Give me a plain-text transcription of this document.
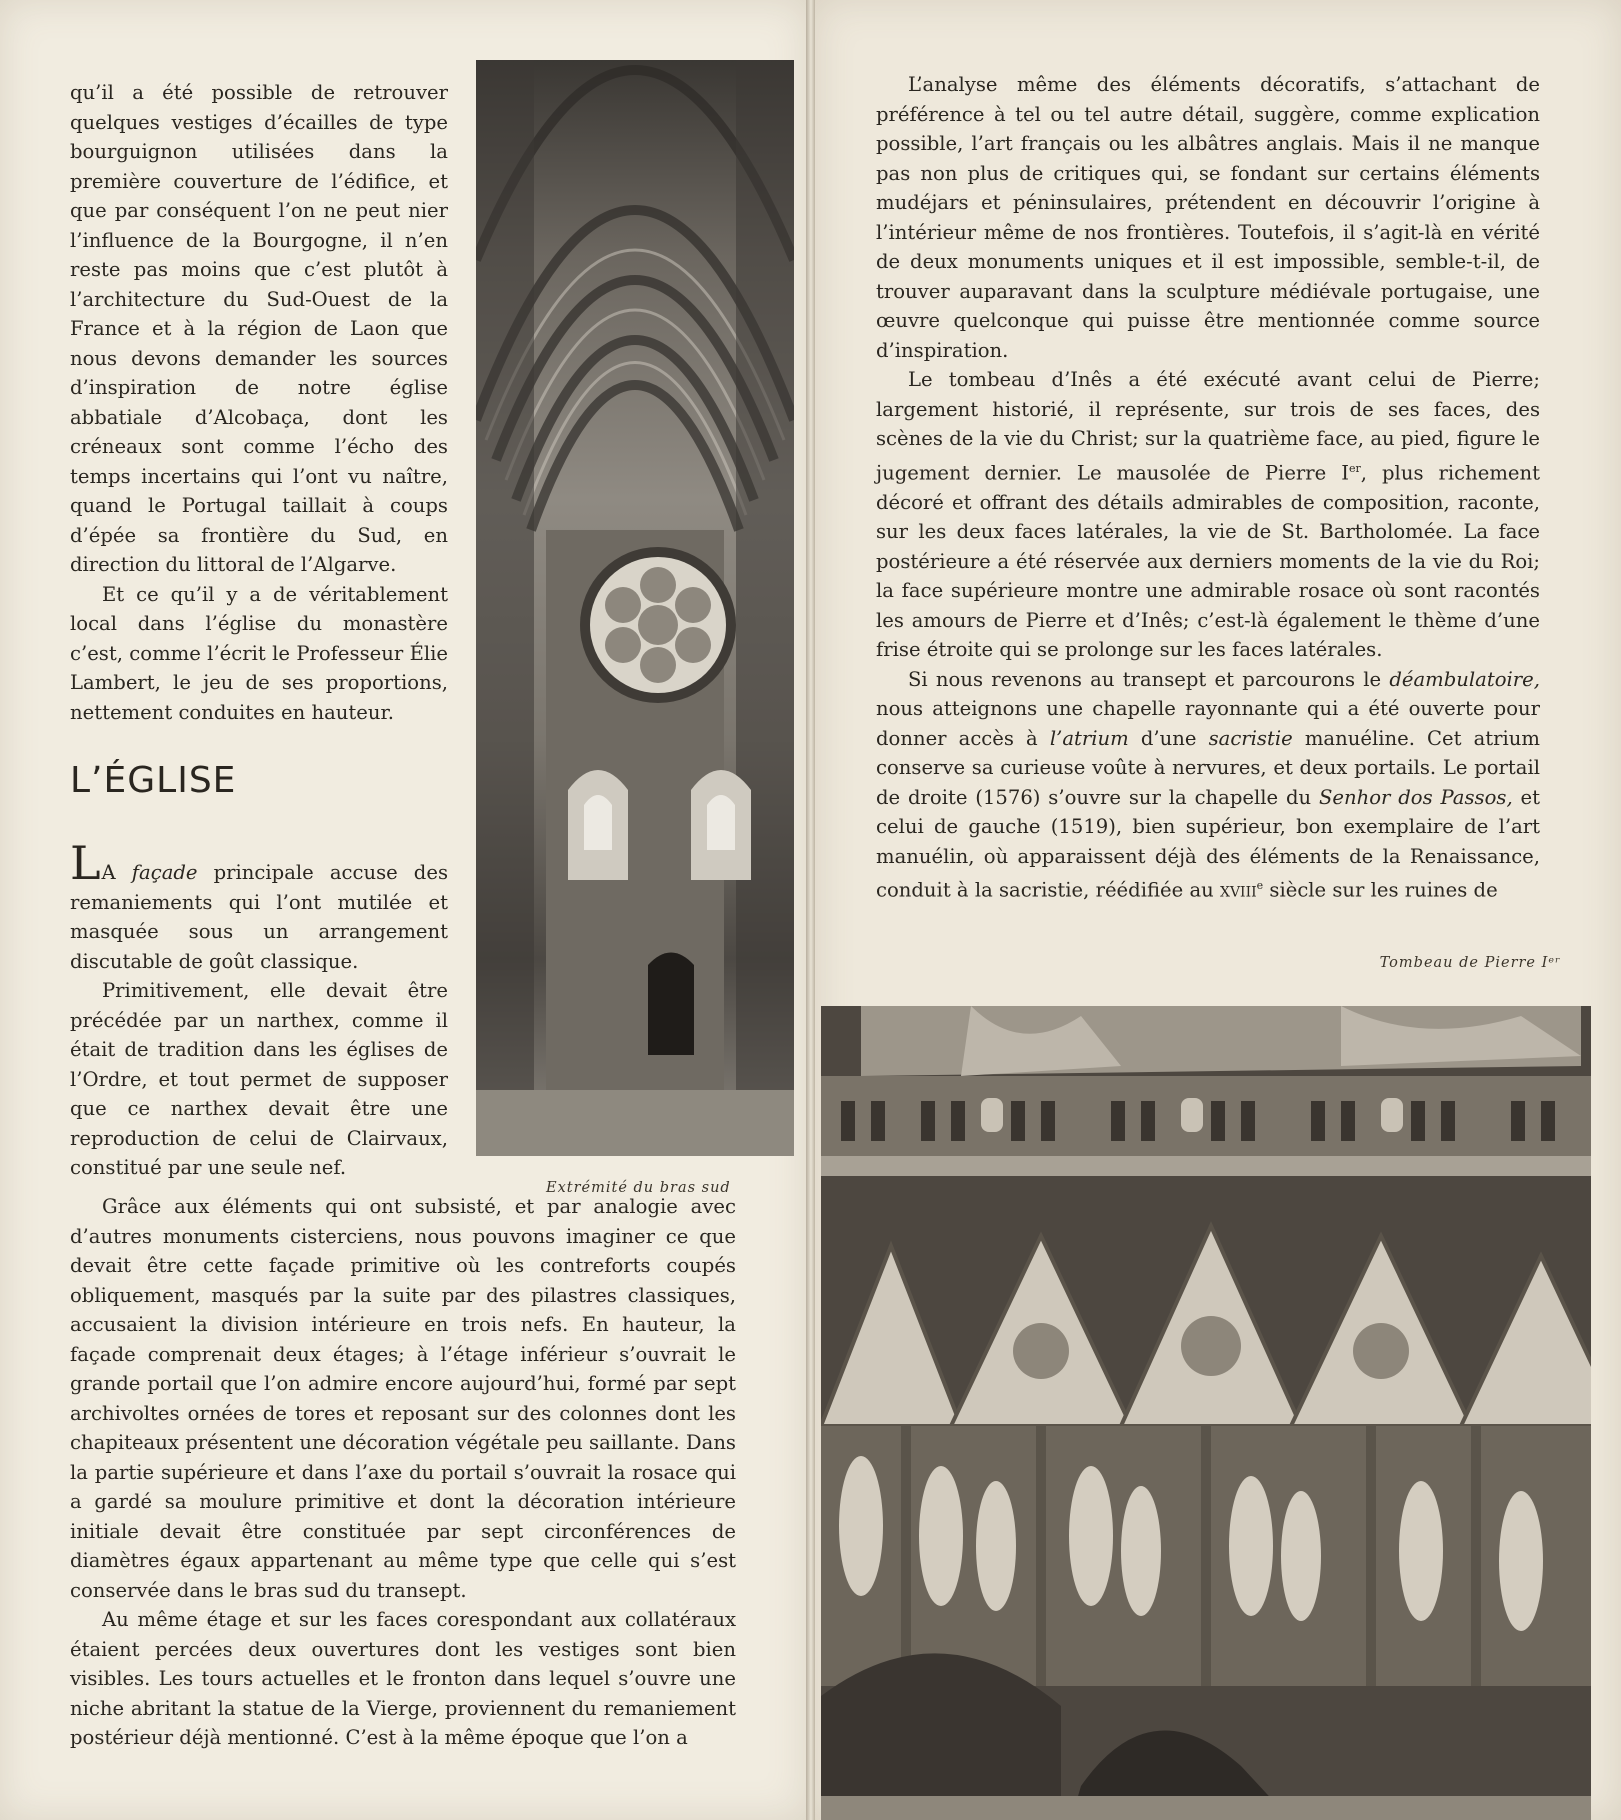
qu’il a été possible de retrouver quelques vestiges d’écailles de type bourguignon utilisées dans la première couverture de l’édifice, et que par conséquent l’on ne peut nier l’influence de la Bourgogne, il n’en reste pas moins que c’est plutôt à l’architecture du Sud-Ouest de la France et à la région de Laon que nous devons demander les sources d’inspiration de notre église abbatiale d’Alcobaça, dont les créneaux sont comme l’écho des temps incertains qui l’ont vu naître, quand le Portugal taillait à coups d’épée sa frontière du Sud, en direction du littoral de l’Algarve.

Et ce qu’il y a de véritablement local dans l’église du monastère c’est, comme l’écrit le Professeur Élie Lambert, le jeu de ses proportions, nettement conduites en hauteur.

L’ÉGLISE

LA façade principale accuse des remaniements qui l’ont mutilée et masquée sous un arrangement discutable de goût classique.

Primitivement, elle devait être précédée par un narthex, comme il était de tradition dans les églises de l’Ordre, et tout permet de supposer que ce narthex devait être une reproduction de celui de Clairvaux, constitué par une seule nef.

Grâce aux éléments qui ont subsisté, et par analogie avec d’autres monuments cisterciens, nous pouvons imaginer ce que devait être cette façade primitive où les contreforts coupés obliquement, masqués par la suite par des pilastres classiques, accusaient la division intérieure en trois nefs. En hauteur, la façade comprenait deux étages; à l’étage inférieur s’ouvrait le grande portail que l’on admire encore aujourd’hui, formé par sept archivoltes ornées de tores et reposant sur des colonnes dont les chapiteaux présentent une décoration végétale peu saillante. Dans la partie supérieure et dans l’axe du portail s’ouvrait la rosace qui a gardé sa moulure primitive et dont la décoration intérieure initiale devait être constituée par sept circonférences de diamètres égaux appartenant au même type que celle qui s’est conservée dans le bras sud du transept.

Au même étage et sur les faces corespondant aux collatéraux étaient percées deux ouvertures dont les vestiges sont bien visibles. Les tours actuelles et le fronton dans lequel s’ouvre une niche abritant la statue de la Vierge, proviennent du remaniement postérieur déjà mentionné. C’est à la même époque que l’on a

Extrémité du bras sud

L’analyse même des éléments décoratifs, s’attachant de préférence à tel ou tel autre détail, suggère, comme explication possible, l’art français ou les albâtres anglais. Mais il ne manque pas non plus de critiques qui, se fondant sur certains éléments mudéjars et péninsulaires, prétendent en découvrir l’origine à l’intérieur même de nos frontières. Toutefois, il s’agit-là en vérité de deux monuments uniques et il est impossible, semble-t-il, de trouver auparavant dans la sculpture médiévale portugaise, une œuvre quelconque qui puisse être mentionnée comme source d’inspiration.

Le tombeau d’Inês a été exécuté avant celui de Pierre; largement historié, il représente, sur trois de ses faces, des scènes de la vie du Christ; sur la quatrième face, au pied, figure le jugement dernier. Le mausolée de Pierre Ier, plus richement décoré et offrant des détails admirables de composition, raconte, sur les deux faces latérales, la vie de St. Bartholomée. La face postérieure a été réservée aux derniers moments de la vie du Roi; la face supérieure montre une admirable rosace où sont racontés les amours de Pierre et d’Inês; c’est-là également le thème d’une frise étroite qui se prolonge sur les faces latérales.

Si nous revenons au transept et parcourons le déambulatoire, nous atteignons une chapelle rayonnante qui a été ouverte pour donner accès à l’atrium d’une sacristie manuéline. Cet atrium conserve sa curieuse voûte à nervures, et deux portails. Le portail de droite (1576) s’ouvre sur la chapelle du Senhor dos Passos, et celui de gauche (1519), bien supérieur, bon exemplaire de l’art manuélin, où apparaissent déjà des éléments de la Renaissance, conduit à la sacristie, réédifiée au xviii$^e$ siècle sur les ruines de

Tombeau de Pierre Iᵉʳ
